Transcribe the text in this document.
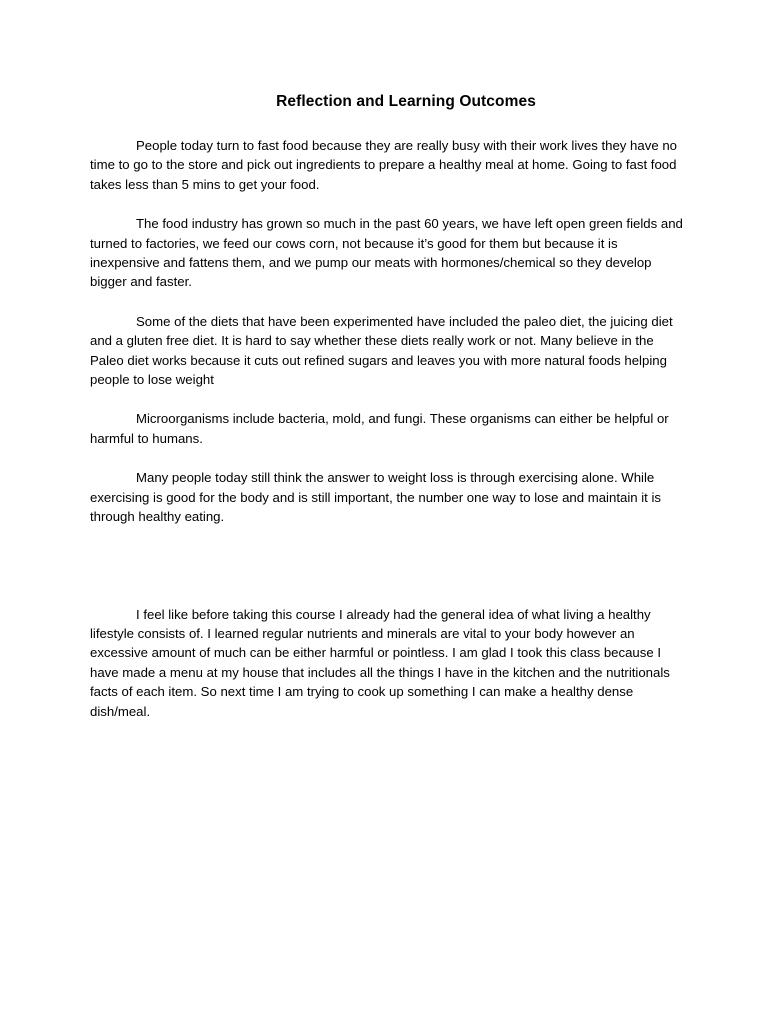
Reflection and Learning Outcomes

People today turn to fast food because they are really busy with their work lives they have no time to go to the store and pick out ingredients to prepare a healthy meal at home. Going to fast food takes less than 5 mins to get your food.

The food industry has grown so much in the past 60 years, we have left open green fields and turned to factories, we feed our cows corn, not because it’s good for them but because it is inexpensive and fattens them, and we pump our meats with hormones/chemical so they develop bigger and faster.

Some of the diets that have been experimented have included the paleo diet, the juicing diet and a gluten free diet. It is hard to say whether these diets really work or not. Many believe in the Paleo diet works because it cuts out refined sugars and leaves you with more natural foods helping people to lose weight

Microorganisms include bacteria, mold, and fungi. These organisms can either be helpful or harmful to humans.

Many people today still think the answer to weight loss is through exercising alone. While exercising is good for the body and is still important, the number one way to lose and maintain it is through healthy eating.

I feel like before taking this course I already had the general idea of what living a healthy lifestyle consists of. I learned regular nutrients and minerals are vital to your body however an excessive amount of much can be either harmful or pointless. I am glad I took this class because I have made a menu at my house that includes all the things I have in the kitchen and the nutritionals facts of each item. So next time I am trying to cook up something I can make a healthy dense dish/meal.
